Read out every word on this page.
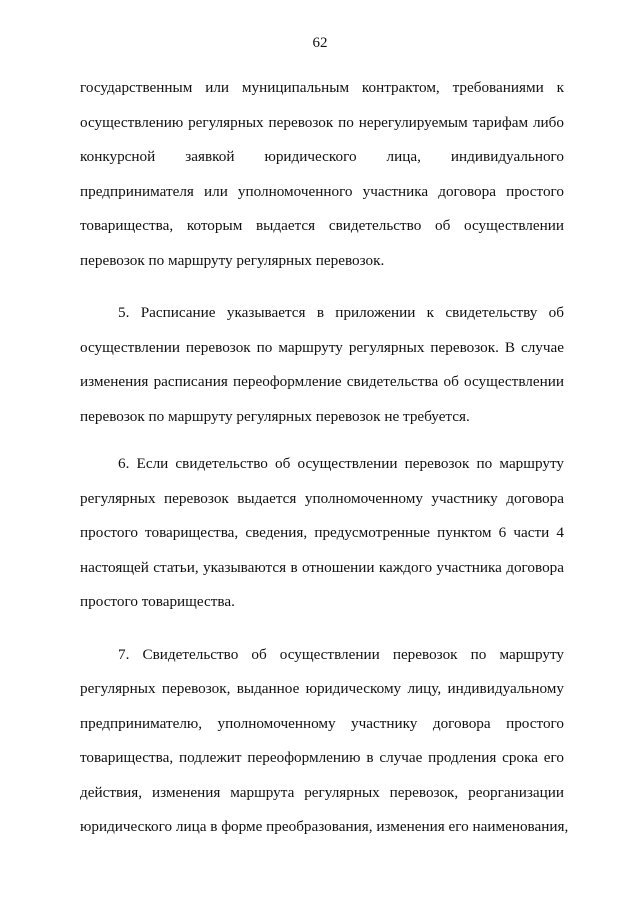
62

государственным или муниципальным контрактом, требованиями к
осуществлению регулярных перевозок по нерегулируемым тарифам либо
конкурсной заявкой юридического лица, индивидуального
предпринимателя или уполномоченного участника договора простого
товарищества, которым выдается свидетельство об осуществлении
перевозок по маршруту регулярных перевозок.

5. Расписание указывается в приложении к свидетельству об
осуществлении перевозок по маршруту регулярных перевозок. В случае
изменения расписания переоформление свидетельства об осуществлении
перевозок по маршруту регулярных перевозок не требуется.

6. Если свидетельство об осуществлении перевозок по маршруту
регулярных перевозок выдается уполномоченному участнику договора
простого товарищества, сведения, предусмотренные пунктом 6 части 4
настоящей статьи, указываются в отношении каждого участника договора
простого товарищества.

7. Свидетельство об осуществлении перевозок по маршруту
регулярных перевозок, выданное юридическому лицу, индивидуальному
предпринимателю, уполномоченному участнику договора простого
товарищества, подлежит переоформлению в случае продления срока его
действия, изменения маршрута регулярных перевозок, реорганизации
юридического лица в форме преобразования, изменения его наименования,
